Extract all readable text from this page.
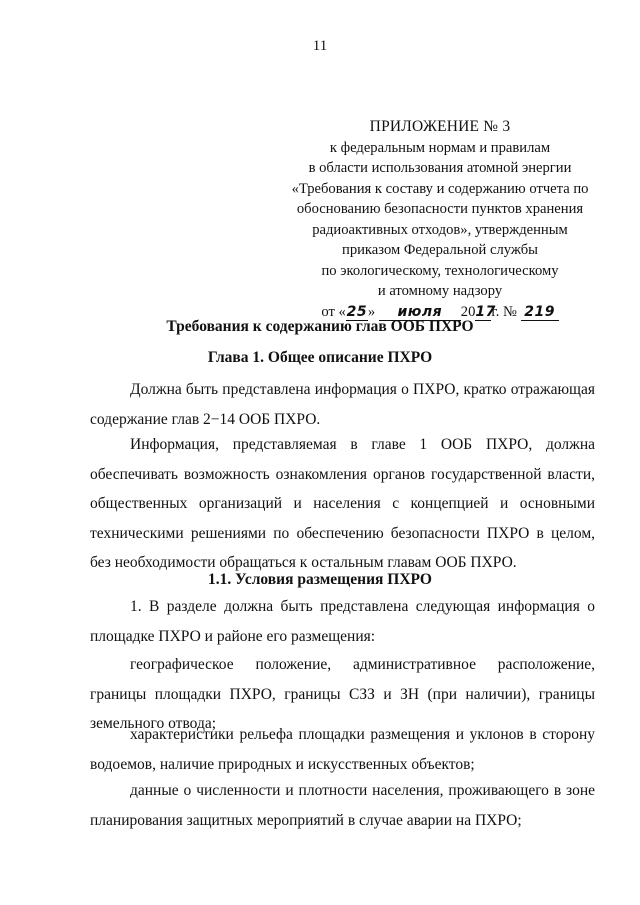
11
ПРИЛОЖЕНИЕ № 3
к федеральным нормам и правилам
в области использования атомной энергии
«Требования к составу и содержанию отчета по
обоснованию безопасности пунктов хранения
радиоактивных отходов», утвержденным
приказом Федеральной службы
по экологическому, технологическому
и атомному надзору
от «25» июля 2017г. № 219
Требования к содержанию глав ООБ ПХРО
Глава 1. Общее описание ПХРО

Должна быть представлена информация о ПХРО, кратко отражающая содержание глав 2−14 ООБ ПХРО.

Информация, представляемая в главе 1 ООБ ПХРО, должна обеспечивать возможность ознакомления органов государственной власти, общественных организаций и населения с концепцией и основными техническими решениями по обеспечению безопасности ПХРО в целом, без необходимости обращаться к остальным главам ООБ ПХРО.

1.1. Условия размещения ПХРО

1. В разделе должна быть представлена следующая информация о площадке ПХРО и районе его размещения:

географическое положение, административное расположение, границы площадки ПХРО, границы СЗЗ и ЗН (при наличии), границы земельного отвода;

характеристики рельефа площадки размещения и уклонов в сторону водоемов, наличие природных и искусственных объектов;

данные о численности и плотности населения, проживающего в зоне планирования защитных мероприятий в случае аварии на ПХРО;
